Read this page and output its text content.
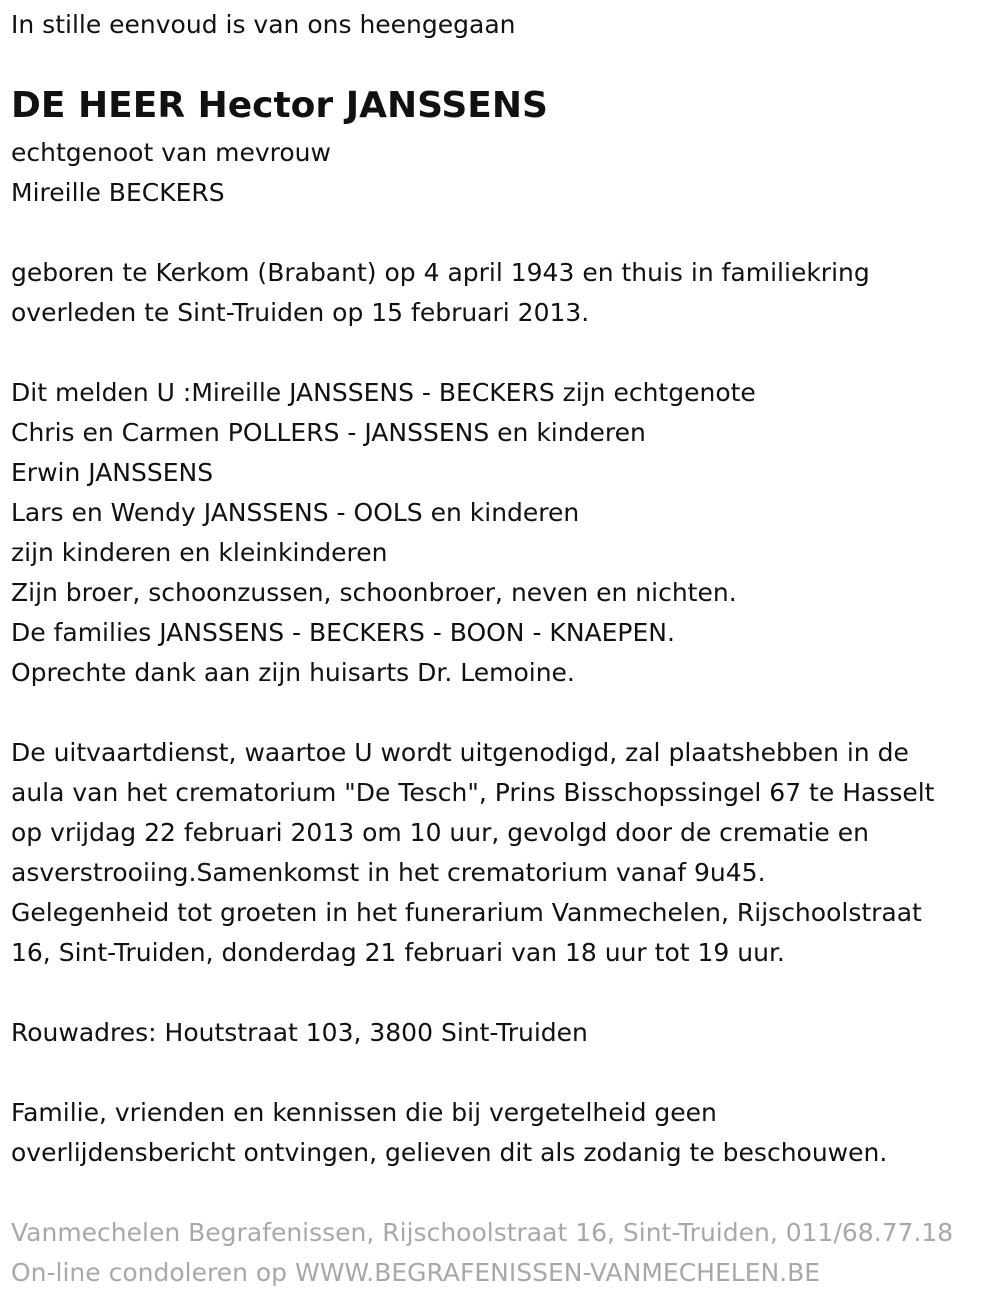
In stille eenvoud is van ons heengegaan
DE HEER Hector JANSSENS
echtgenoot van mevrouw
Mireille BECKERS
geboren te Kerkom (Brabant) op 4 april 1943 en thuis in familiekring
overleden te Sint-Truiden op 15 februari 2013.
Dit melden U :Mireille JANSSENS - BECKERS zijn echtgenote
Chris en Carmen POLLERS - JANSSENS en kinderen
Erwin JANSSENS
Lars en Wendy JANSSENS - OOLS en kinderen
zijn kinderen en kleinkinderen
Zijn broer, schoonzussen, schoonbroer, neven en nichten.
De families JANSSENS - BECKERS - BOON - KNAEPEN.
Oprechte dank aan zijn huisarts Dr. Lemoine.
De uitvaartdienst, waartoe U wordt uitgenodigd, zal plaatshebben in de
aula van het crematorium "De Tesch", Prins Bisschopssingel 67 te Hasselt
op vrijdag 22 februari 2013 om 10 uur, gevolgd door de crematie en
asverstrooiing.Samenkomst in het crematorium vanaf 9u45.
Gelegenheid tot groeten in het funerarium Vanmechelen, Rijschoolstraat
16, Sint-Truiden, donderdag 21 februari van 18 uur tot 19 uur.
Rouwadres: Houtstraat 103, 3800 Sint-Truiden
Familie, vrienden en kennissen die bij vergetelheid geen
overlijdensbericht ontvingen, gelieven dit als zodanig te beschouwen.
Vanmechelen Begrafenissen, Rijschoolstraat 16, Sint-Truiden, 011/68.77.18
On-line condoleren op WWW.BEGRAFENISSEN-VANMECHELEN.BE
